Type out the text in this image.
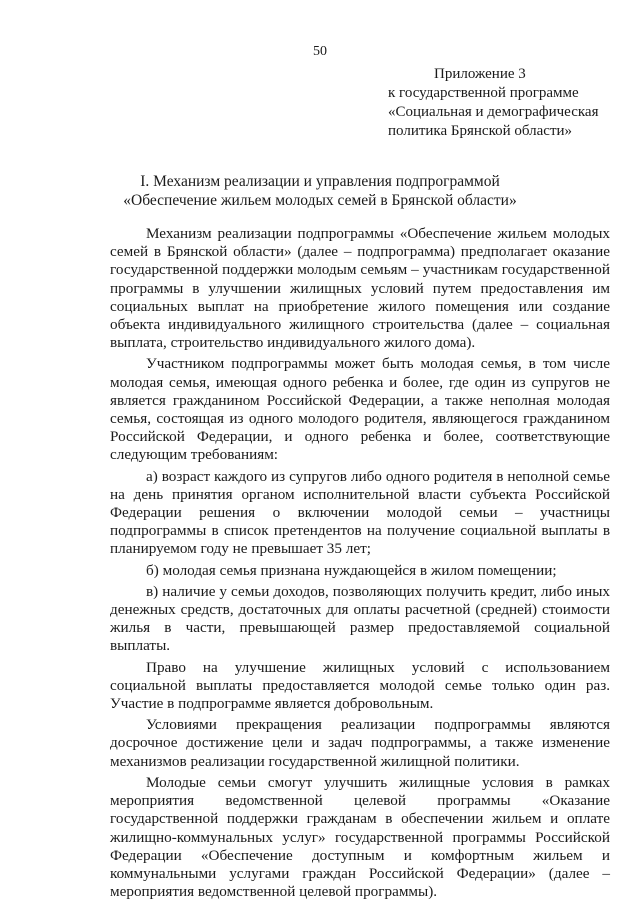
50
Приложение 3
к государственной программе
«Социальная и демографическая
политика Брянской области»
I. Механизм реализации и управления подпрограммой
«Обеспечение жильем молодых семей в Брянской области»

Механизм реализации подпрограммы «Обеспечение жильем молодых семей в Брянской области» (далее – подпрограмма) предполагает оказание государственной поддержки молодым семьям – участникам государственной программы в улучшении жилищных условий путем предоставления им социальных выплат на приобретение жилого помещения или создание объекта индивидуального жилищного строительства (далее – социальная выплата, строительство индивидуального жилого дома).

Участником подпрограммы может быть молодая семья, в том числе молодая семья, имеющая одного ребенка и более, где один из супругов не является гражданином Российской Федерации, а также неполная молодая семья, состоящая из одного молодого родителя, являющегося гражданином Российской Федерации, и одного ребенка и более, соответствующие следующим требованиям:

а) возраст каждого из супругов либо одного родителя в неполной семье на день принятия органом исполнительной власти субъекта Российской Федерации решения о включении молодой семьи – участницы подпрограммы в список претендентов на получение социальной выплаты в планируемом году не превышает 35 лет;

б) молодая семья признана нуждающейся в жилом помещении;

в) наличие у семьи доходов, позволяющих получить кредит, либо иных денежных средств, достаточных для оплаты расчетной (средней) стоимости жилья в части, превышающей размер предоставляемой социальной выплаты.

Право на улучшение жилищных условий с использованием социальной выплаты предоставляется молодой семье только один раз. Участие в подпрограмме является добровольным.

Условиями прекращения реализации подпрограммы являются досрочное достижение цели и задач подпрограммы, а также изменение механизмов реализации государственной жилищной политики.

Молодые семьи смогут улучшить жилищные условия в рамках мероприятия ведомственной целевой программы «Оказание государственной поддержки гражданам в обеспечении жильем и оплате жилищно-коммунальных услуг» государственной программы Российской Федерации «Обеспечение доступным и комфортным жильем и коммунальными услугами граждан Российской Федерации» (далее – мероприятия ведомственной целевой программы).
